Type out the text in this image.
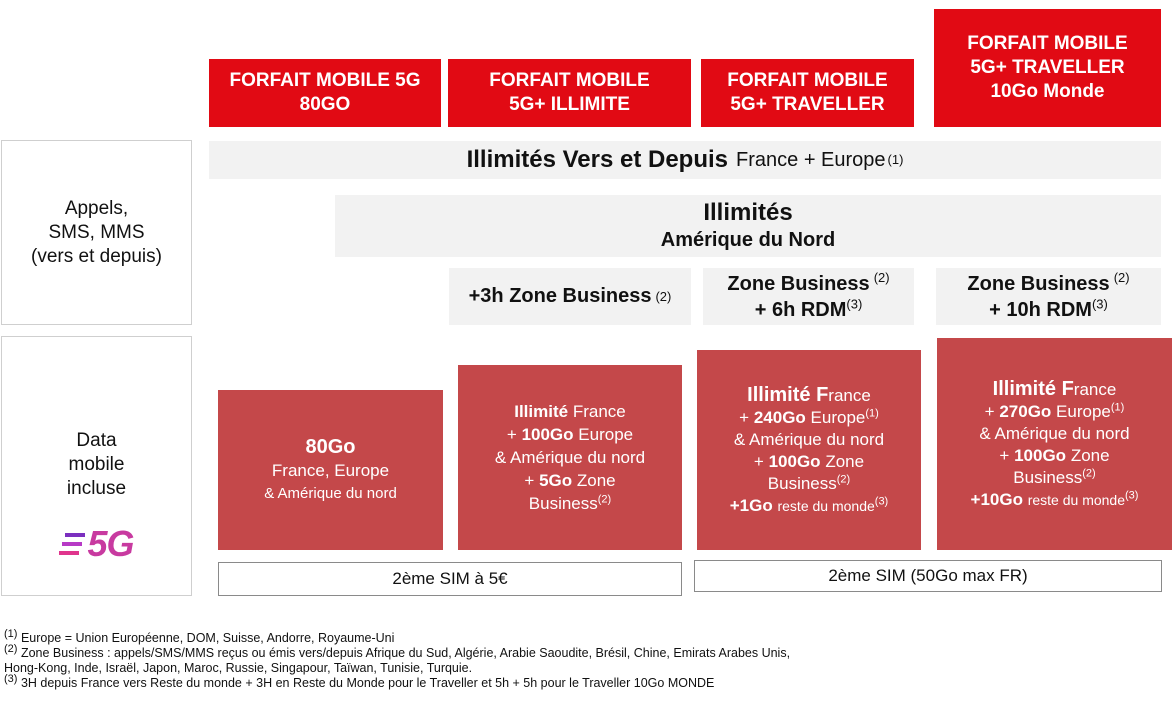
FORFAIT MOBILE 5G
80GO
FORFAIT MOBILE
5G+ ILLIMITE
FORFAIT MOBILE
5G+ TRAVELLER
FORFAIT MOBILE
5G+ TRAVELLER
10Go Monde
Appels,
SMS, MMS
(vers et depuis)
Illimités Vers et Depuis France + Europe (1)
Illimités
Amérique du Nord
+3h Zone Business (2)
Zone Business $^{(2)}$
+ 6h RDM$^{(3)}$
Zone Business $^{(2)}$
+ 10h RDM$^{(3)}$
Data
mobile
incluse
5G
80Go
France, Europe
& Amérique du nord
Illimité France
+ 100Go Europe
& Amérique du nord
+ 5Go Zone
Business$^{(2)}$
Illimité France
+ 240Go Europe$^{(1)}$
& Amérique du nord
+ 100Go Zone
Business$^{(2)}$
+1Go reste du monde$^{(3)}$
Illimité France
+ 270Go Europe$^{(1)}$
& Amérique du nord
+ 100Go Zone
Business$^{(2)}$
+10Go reste du monde$^{(3)}$
2ème SIM à 5€	2ème SIM (50Go max FR)
$^{(1)}$ Europe = Union Européenne, DOM, Suisse, Andorre, Royaume-Uni
$^{(2)}$ Zone Business : appels/SMS/MMS reçus ou émis vers/depuis Afrique du Sud, Algérie, Arabie Saoudite, Brésil, Chine, Emirats Arabes Unis,
Hong-Kong, Inde, Israël, Japon, Maroc, Russie, Singapour, Taïwan, Tunisie, Turquie.
$^{(3)}$ 3H depuis France vers Reste du monde + 3H en Reste du Monde pour le Traveller et 5h + 5h pour le Traveller 10Go MONDE
